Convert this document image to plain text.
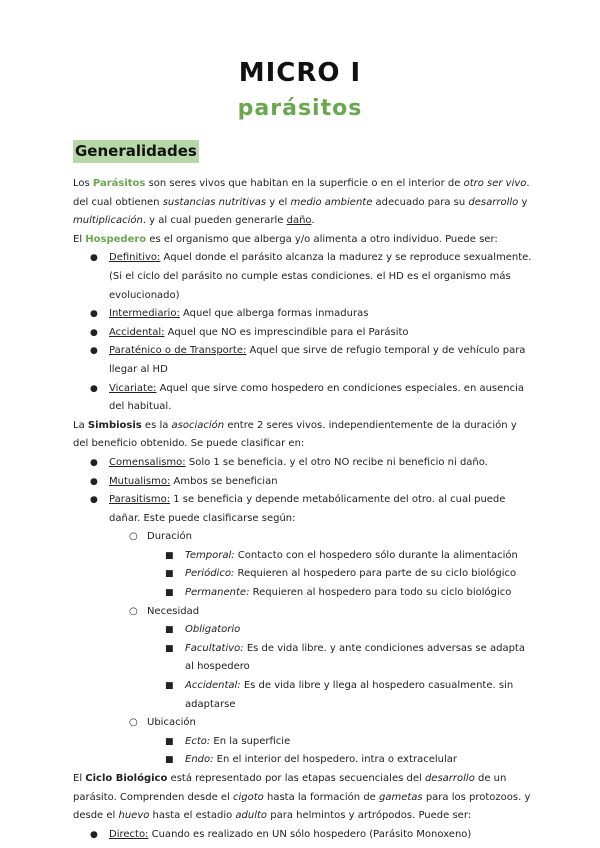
MICRO I
parásitos
Generalidades

Los Parásitos son seres vivos que habitan en la superficie o en el interior de otro ser vivo. del cual obtienen sustancias nutritivas y el medio ambiente adecuado para su desarrollo y multiplicación. y al cual pueden generarle daño.

El Hospedero es el organismo que alberga y/o alimenta a otro individuo. Puede ser:

● Definitivo: Aquel donde el parásito alcanza la madurez y se reproduce sexualmente. (Si el ciclo del parásito no cumple estas condiciones. el HD es el organismo más evolucionado)
● Intermediario: Aquel que alberga formas inmaduras
● Accidental: Aquel que NO es imprescindible para el Parásito
● Paraténico o de Transporte: Aquel que sirve de refugio temporal y de vehículo para llegar al HD
● Vicariate: Aquel que sirve como hospedero en condiciones especiales. en ausencia del habitual.

La Simbiosis es la asociación entre 2 seres vivos. independientemente de la duración y del beneficio obtenido. Se puede clasificar en:

● Comensalismo: Solo 1 se beneficia. y el otro NO recibe ni beneficio ni daño.
● Mutualismo: Ambos se benefician
● Parasitismo: 1 se beneficia y depende metabólicamente del otro. al cual puede dañar. Este puede clasificarse según:
○ Duración
■ Temporal: Contacto con el hospedero sólo durante la alimentación
■ Periódico: Requieren al hospedero para parte de su ciclo biológico
■ Permanente: Requieren al hospedero para todo su ciclo biológico
○ Necesidad
■ Obligatorio
■ Facultativo: Es de vida libre. y ante condiciones adversas se adapta al hospedero
■ Accidental: Es de vida libre y llega al hospedero casualmente. sin adaptarse
○ Ubicación
■ Ecto: En la superficie
■ Endo: En el interior del hospedero. intra o extracelular

El Ciclo Biológico está representado por las etapas secuenciales del desarrollo de un parásito. Comprenden desde el cigoto hasta la formación de gametas para los protozoos. y desde el huevo hasta el estadio adulto para helmintos y artrópodos. Puede ser:

● Directo: Cuando es realizado en UN sólo hospedero (Parásito Monoxeno)
